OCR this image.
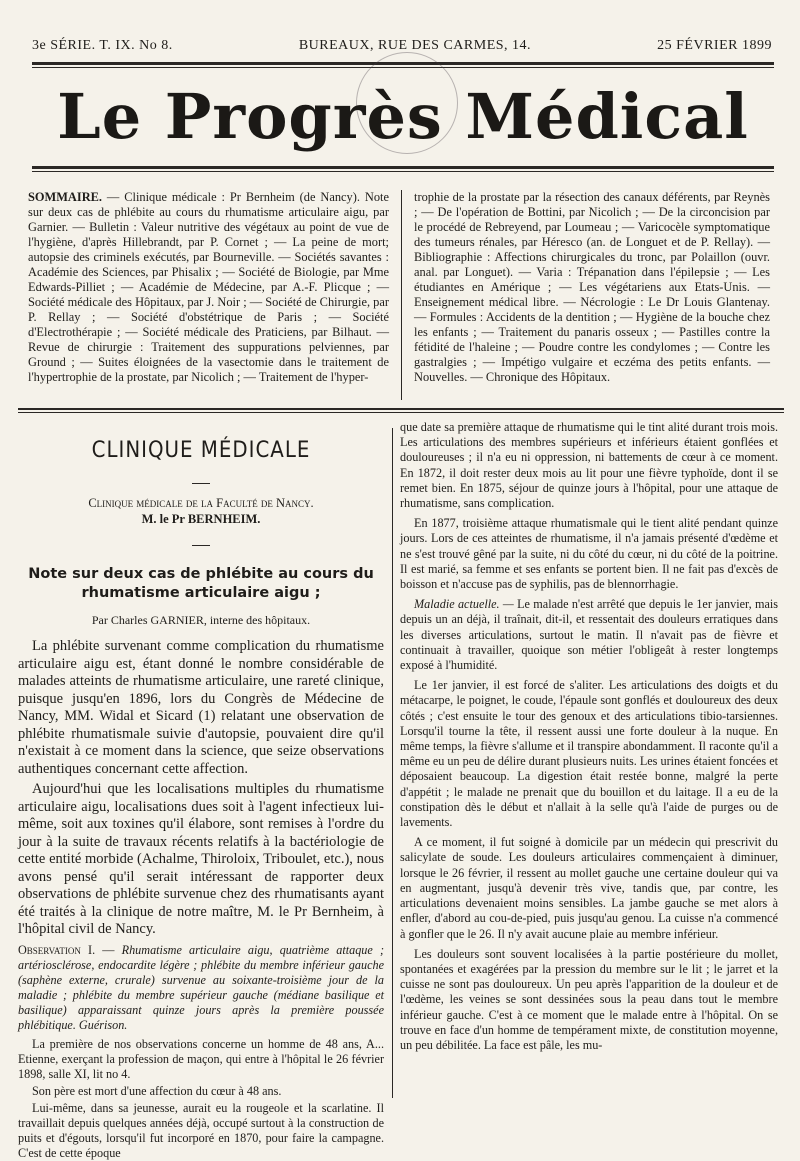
3e SÉRIE. T. IX. No 8.	BUREAUX, RUE DES CARMES, 14.	25 FÉVRIER 1899
Le Progrès Médical
SOMMAIRE. — Clinique médicale : Pr Bernheim (de Nancy). Note sur deux cas de phlébite au cours du rhumatisme articulaire aigu, par Garnier. — Bulletin : Valeur nutritive des végétaux au point de vue de l'hygiène, d'après Hillebrandt, par P. Cornet ; — La peine de mort; autopsie des criminels exécutés, par Bourneville. — Sociétés savantes : Académie des Sciences, par Phisalix ; — Société de Biologie, par Mme Edwards-Pilliet ; — Académie de Médecine, par A.-F. Plicque ; — Société médicale des Hôpitaux, par J. Noir ; — Société de Chirurgie, par P. Rellay ; — Société d'obstétrique de Paris ; — Société d'Electrothérapie ; — Société médicale des Praticiens, par Bilhaut. — Revue de chirurgie : Traitement des suppurations pelviennes, par Ground ; — Suites éloignées de la vasectomie dans le traitement de l'hypertrophie de la prostate, par Nicolich ; — Traitement de l'hyper-
trophie de la prostate par la résection des canaux déférents, par Reynès ; — De l'opération de Bottini, par Nicolich ; — De la circoncision par le procédé de Rebreyend, par Loumeau ; — Varicocèle symptomatique des tumeurs rénales, par Héresco (an. de Longuet et de P. Rellay). — Bibliographie : Affections chirurgicales du tronc, par Polaillon (ouvr. anal. par Longuet). — Varia : Trépanation dans l'épilepsie ; — Les étudiantes en Amérique ; — Les végétariens aux Etats-Unis. — Enseignement médical libre. — Nécrologie : Le Dr Louis Glantenay. — Formules : Accidents de la dentition ; — Hygiène de la bouche chez les enfants ; — Traitement du panaris osseux ; — Pastilles contre la fétidité de l'haleine ; — Poudre contre les condylomes ; — Contre les gastralgies ; — Impétigo vulgaire et eczéma des petits enfants. — Nouvelles. — Chronique des Hôpitaux.
CLINIQUE MÉDICALE
Clinique médicale de la Faculté de Nancy.
M. le Pr BERNHEIM.
Note sur deux cas de phlébite au cours du rhumatisme articulaire aigu ;
Par Charles GARNIER, interne des hôpitaux.

La phlébite survenant comme complication du rhumatisme articulaire aigu est, étant donné le nombre considérable de malades atteints de rhumatisme articulaire, une rareté clinique, puisque jusqu'en 1896, lors du Congrès de Médecine de Nancy, MM. Widal et Sicard (1) relatant une observation de phlébite rhumatismale suivie d'autopsie, pouvaient dire qu'il n'existait à ce moment dans la science, que seize observations authentiques concernant cette affection.

Aujourd'hui que les localisations multiples du rhumatisme articulaire aigu, localisations dues soit à l'agent infectieux lui-même, soit aux toxines qu'il élabore, sont remises à l'ordre du jour à la suite de travaux récents relatifs à la bactériologie de cette entité morbide (Achalme, Thiroloix, Triboulet, etc.), nous avons pensé qu'il serait intéressant de rapporter deux observations de phlébite survenue chez des rhumatisants ayant été traités à la clinique de notre maître, M. le Pr Bernheim, à l'hôpital civil de Nancy.

Observation I. — Rhumatisme articulaire aigu, quatrième attaque ; artériosclérose, endocardite légère ; phlébite du membre inférieur gauche (saphène externe, crurale) survenue au soixante-troisième jour de la maladie ; phlébite du membre supérieur gauche (médiane basilique et basilique) apparaissant quinze jours après la première poussée phlébitique. Guérison.

La première de nos observations concerne un homme de 48 ans, A... Etienne, exerçant la profession de maçon, qui entre à l'hôpital le 26 février 1898, salle XI, lit no 4.

Son père est mort d'une affection du cœur à 48 ans.

Lui-même, dans sa jeunesse, aurait eu la rougeole et la scarlatine. Il travaillait depuis quelques années déjà, occupé surtout à la construction de puits et d'égouts, lorsqu'il fut incorporé en 1870, pour faire la campagne. C'est de cette époque

que date sa première attaque de rhumatisme qui le tint alité durant trois mois. Les articulations des membres supérieurs et inférieurs étaient gonflées et douloureuses ; il n'a eu ni oppression, ni battements de cœur à ce moment. En 1872, il doit rester deux mois au lit pour une fièvre typhoïde, dont il se remet bien. En 1875, séjour de quinze jours à l'hôpital, pour une attaque de rhumatisme, sans complication.

En 1877, troisième attaque rhumatismale qui le tient alité pendant quinze jours. Lors de ces atteintes de rhumatisme, il n'a jamais présenté d'œdème et ne s'est trouvé gêné par la suite, ni du côté du cœur, ni du côté de la poitrine. Il est marié, sa femme et ses enfants se portent bien. Il ne fait pas d'excès de boisson et n'accuse pas de syphilis, pas de blennorrhagie.

Maladie actuelle. — Le malade n'est arrêté que depuis le 1er janvier, mais depuis un an déjà, il traînait, dit-il, et ressentait des douleurs erratiques dans les diverses articulations, surtout le matin. Il n'avait pas de fièvre et continuait à travailler, quoique son métier l'obligeât à rester longtemps exposé à l'humidité.

Le 1er janvier, il est forcé de s'aliter. Les articulations des doigts et du métacarpe, le poignet, le coude, l'épaule sont gonflés et douloureux des deux côtés ; c'est ensuite le tour des genoux et des articulations tibio-tarsiennes. Lorsqu'il tourne la tête, il ressent aussi une forte douleur à la nuque. En même temps, la fièvre s'allume et il transpire abondamment. Il raconte qu'il a même eu un peu de délire durant plusieurs nuits. Les urines étaient foncées et déposaient beaucoup. La digestion était restée bonne, malgré la perte d'appétit ; le malade ne prenait que du bouillon et du laitage. Il a eu de la constipation dès le début et n'allait à la selle qu'à l'aide de purges ou de lavements.

A ce moment, il fut soigné à domicile par un médecin qui prescrivit du salicylate de soude. Les douleurs articulaires commençaient à diminuer, lorsque le 26 février, il ressent au mollet gauche une certaine douleur qui va en augmentant, jusqu'à devenir très vive, tandis que, par contre, les articulations devenaient moins sensibles. La jambe gauche se met alors à enfler, d'abord au cou-de-pied, puis jusqu'au genou. La cuisse n'a commencé à gonfler que le 26. Il n'y avait aucune plaie au membre inférieur.

Les douleurs sont souvent localisées à la partie postérieure du mollet, spontanées et exagérées par la pression du membre sur le lit ; le jarret et la cuisse ne sont pas douloureux. Un peu après l'apparition de la douleur et de l'œdème, les veines se sont dessinées sous la peau dans tout le membre inférieur gauche. C'est à ce moment que le malade entre à l'hôpital. On se trouve en face d'un homme de tempérament mixte, de constitution moyenne, un peu débilitée. La face est pâle, les mu-
